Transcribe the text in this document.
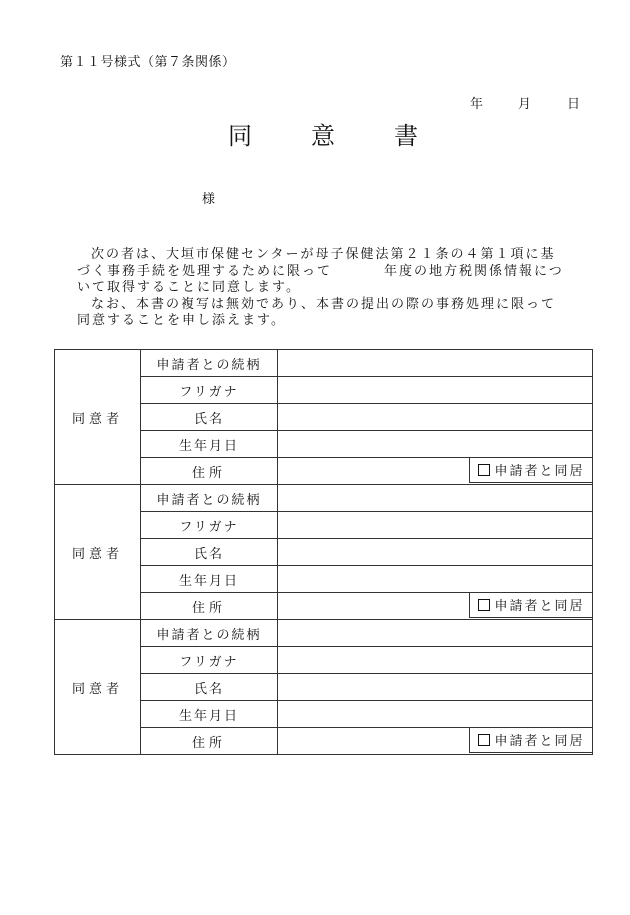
第１１号様式（第７条関係）
年	月	日
同 意 書
様

次の者は、大垣市保健センターが母子保健法第２１条の４第１項に基

づく事務手続を処理するために限って	年度の地方税関係情報につ

いて取得することに同意します。

なお、本書の複写は無効であり、本書の提出の際の事務処理に限って

同意することを申し添えます。

同意者	申請者との続柄	
	フリガナ	
	氏名	
	生年月日	
	住所	申請者と同居

同意者	申請者との続柄	
	フリガナ	
	氏名	
	生年月日	
	住所	申請者と同居

同意者	申請者との続柄	
	フリガナ	
	氏名	
	生年月日	
	住所	申請者と同居
